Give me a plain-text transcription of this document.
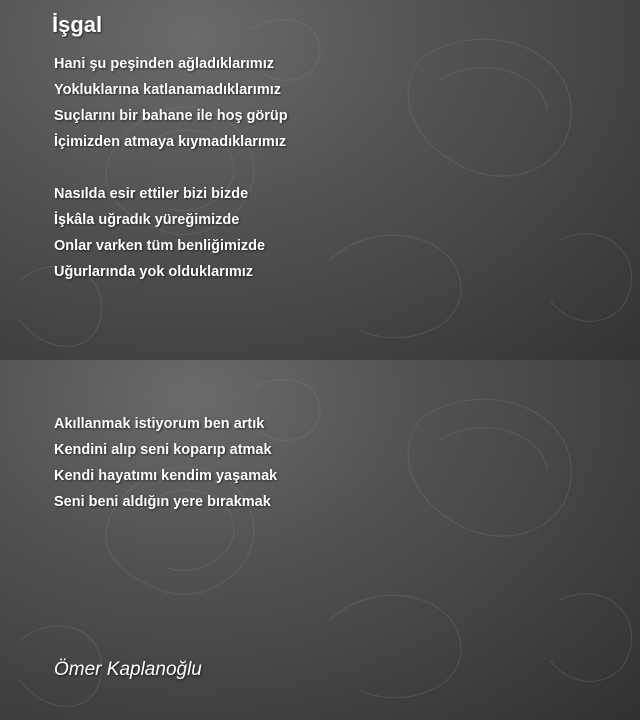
İşgal
Hani şu peşinden ağladıklarımız
Yokluklarına katlanamadıklarımız
Suçlarını bir bahane ile hoş görüp
İçimizden atmaya kıymadıklarımız
Nasılda esir ettiler bizi bizde
İşkâla uğradık yüreğimizde
Onlar varken tüm benliğimizde
Uğurlarında yok olduklarımız
Akıllanmak istiyorum ben artık
Kendini alıp seni koparıp atmak
Kendi hayatımı kendim yaşamak
Seni beni aldığın yere bırakmak
Ömer Kaplanoğlu
